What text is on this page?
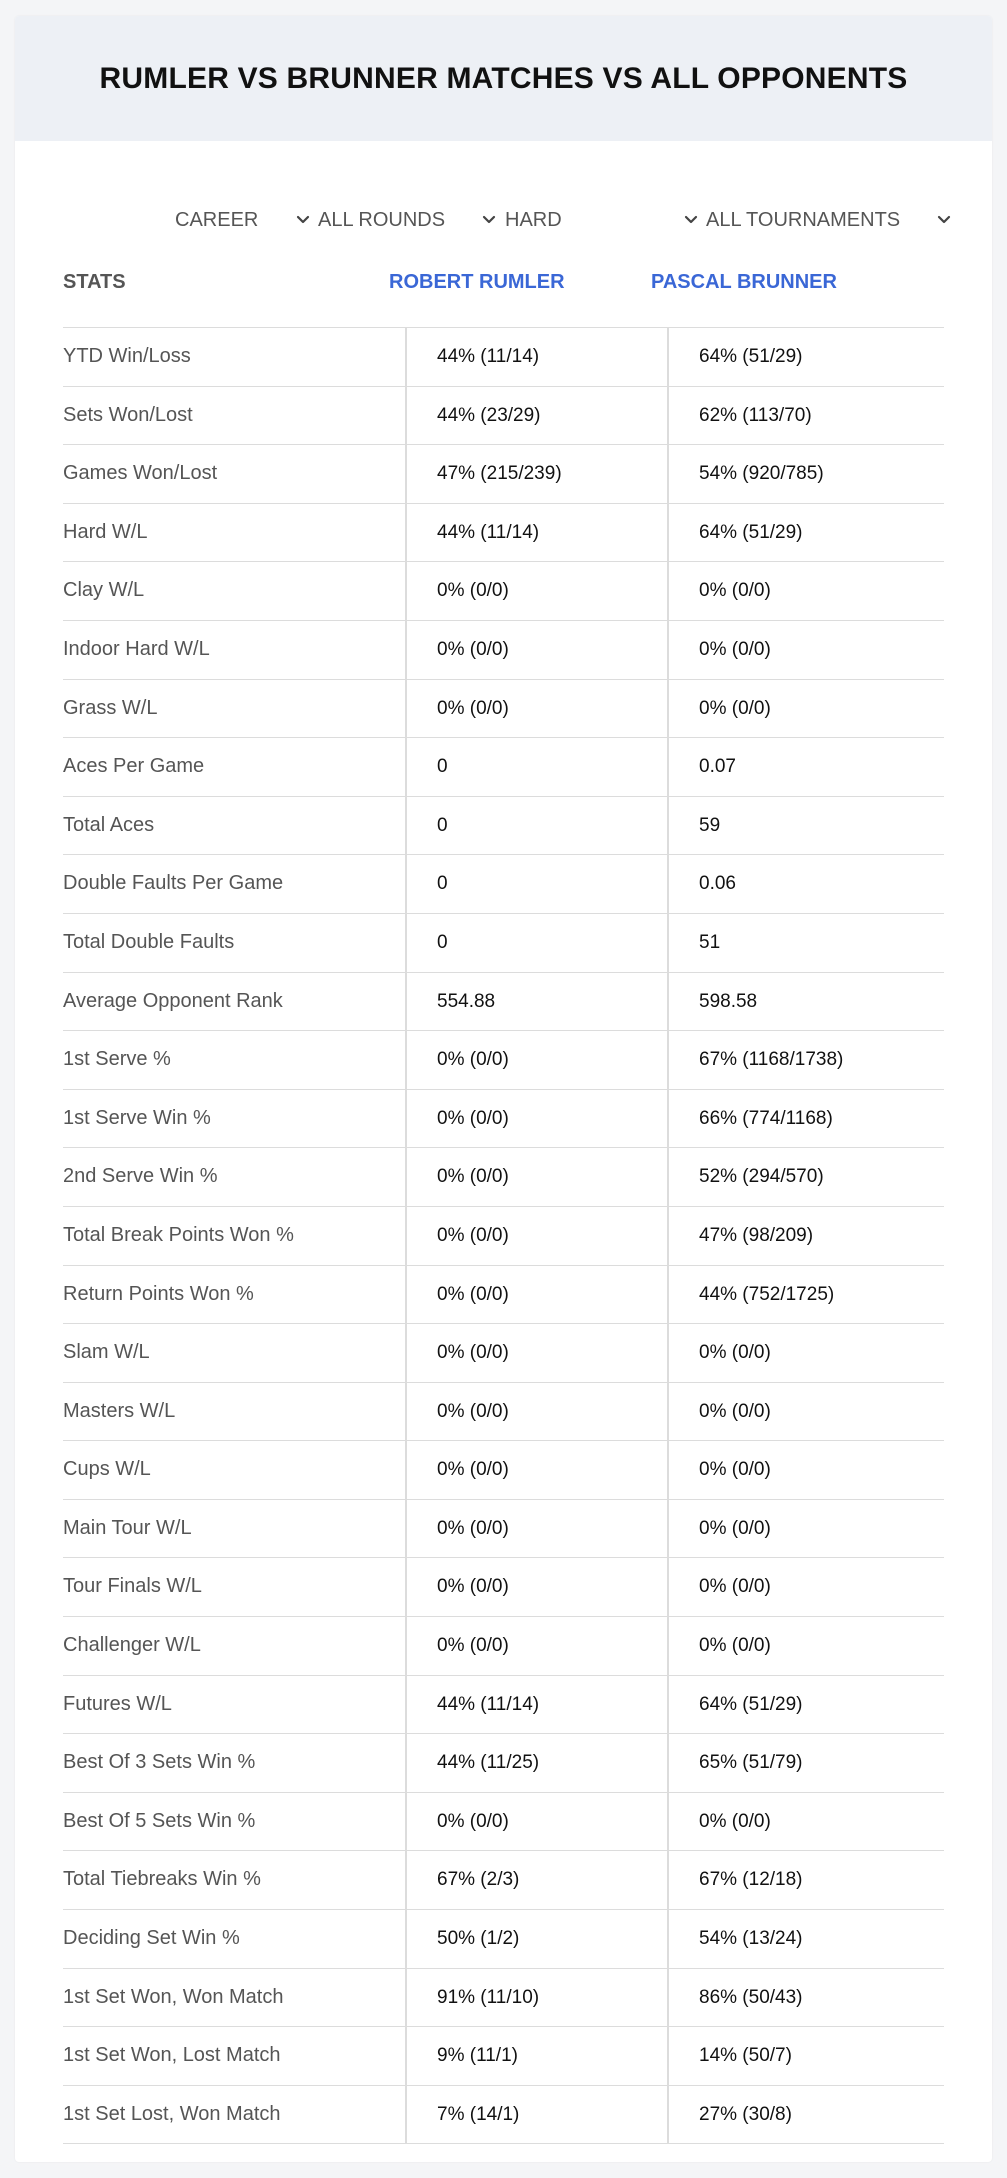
RUMLER VS BRUNNER MATCHES VS ALL OPPONENTS
CAREER	ALL ROUNDS	HARD	ALL TOURNAMENTS
STATS	ROBERT RUMLER	PASCAL BRUNNER
YTD Win/Loss	44% (11/14)	64% (51/29)
Sets Won/Lost	44% (23/29)	62% (113/70)
Games Won/Lost	47% (215/239)	54% (920/785)
Hard W/L	44% (11/14)	64% (51/29)
Clay W/L	0% (0/0)	0% (0/0)
Indoor Hard W/L	0% (0/0)	0% (0/0)
Grass W/L	0% (0/0)	0% (0/0)
Aces Per Game	0	0.07
Total Aces	0	59
Double Faults Per Game	0	0.06
Total Double Faults	0	51
Average Opponent Rank	554.88	598.58
1st Serve %	0% (0/0)	67% (1168/1738)
1st Serve Win %	0% (0/0)	66% (774/1168)
2nd Serve Win %	0% (0/0)	52% (294/570)
Total Break Points Won %	0% (0/0)	47% (98/209)
Return Points Won %	0% (0/0)	44% (752/1725)
Slam W/L	0% (0/0)	0% (0/0)
Masters W/L	0% (0/0)	0% (0/0)
Cups W/L	0% (0/0)	0% (0/0)
Main Tour W/L	0% (0/0)	0% (0/0)
Tour Finals W/L	0% (0/0)	0% (0/0)
Challenger W/L	0% (0/0)	0% (0/0)
Futures W/L	44% (11/14)	64% (51/29)
Best Of 3 Sets Win %	44% (11/25)	65% (51/79)
Best Of 5 Sets Win %	0% (0/0)	0% (0/0)
Total Tiebreaks Win %	67% (2/3)	67% (12/18)
Deciding Set Win %	50% (1/2)	54% (13/24)
1st Set Won, Won Match	91% (11/10)	86% (50/43)
1st Set Won, Lost Match	9% (11/1)	14% (50/7)
1st Set Lost, Won Match	7% (14/1)	27% (30/8)
